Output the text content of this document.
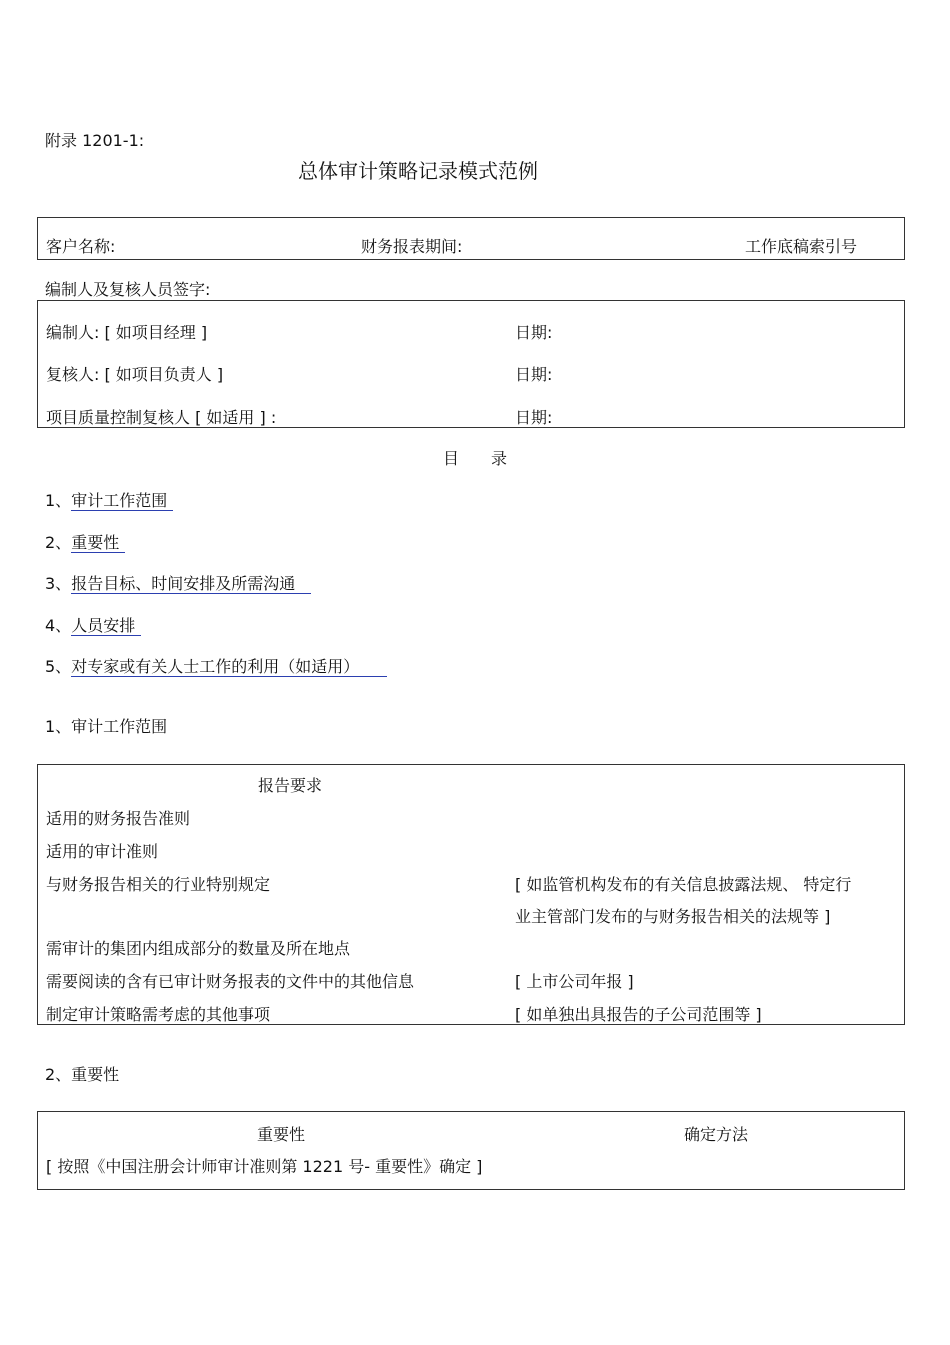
附录 1201-1:
总体审计策略记录模式范例
客户名称:	财务报表期间:	工作底稿索引号
编制人及复核人员签字:
编制人: [ 如项目经理 ]	日期:
复核人: [ 如项目负责人 ]	日期:
项目质量控制复核人 [ 如适用 ] :	日期:
目　　录
1、审计工作范围
2、重要性
3、报告目标、时间安排及所需沟通
4、人员安排
5、对专家或有关人士工作的利用（如适用）
1、审计工作范围
报告要求
适用的财务报告准则
适用的审计准则
与财务报告相关的行业特别规定	[ 如监管机构发布的有关信息披露法规、 特定行
业主管部门发布的与财务报告相关的法规等 ]
需审计的集团内组成部分的数量及所在地点
需要阅读的含有已审计财务报表的文件中的其他信息	[ 上市公司年报 ]
制定审计策略需考虑的其他事项	[ 如单独出具报告的子公司范围等 ]
2、重要性
重要性	确定方法
[ 按照《中国注册会计师审计准则第 1221 号- 重要性》确定 ]
